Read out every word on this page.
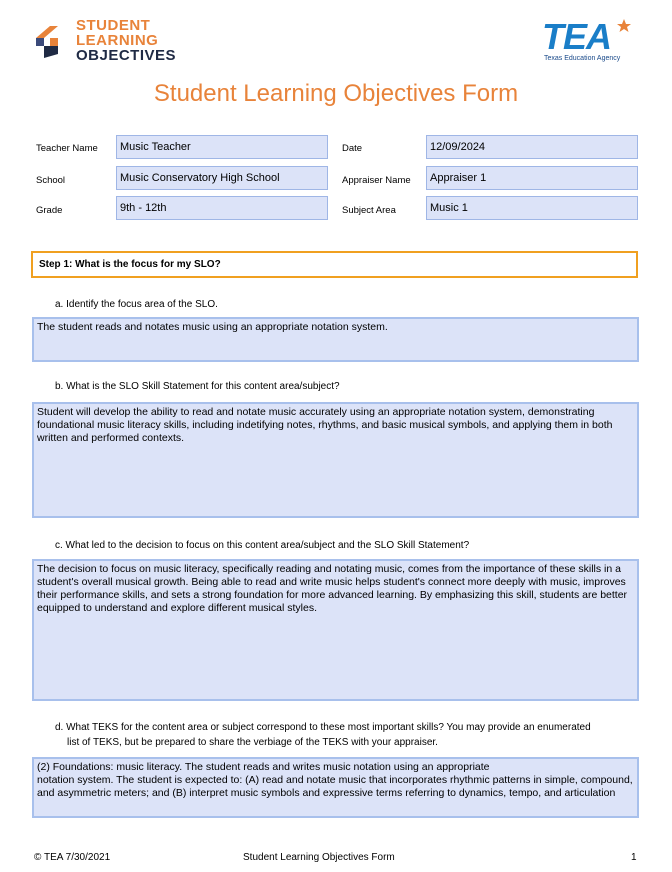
STUDENT
LEARNING
OBJECTIVES	TEA
Texas Education Agency
Student Learning Objectives Form
Teacher Name	Music Teacher	Date	12/09/2024
School	Music Conservatory High School	Appraiser Name	Appraiser 1
Grade	9th - 12th	Subject Area	Music 1
Step 1: What is the focus for my SLO?
a. Identify the focus area of the SLO.
The student reads and notates music using an appropriate notation system.
b. What is the SLO Skill Statement for this content area/subject?
Student will develop the ability to read and notate music accurately using an appropriate notation system, demonstrating foundational music literacy skills, including indetifying notes, rhythms, and basic musical symbols, and applying them in both written and performed contexts.
c. What led to the decision to focus on this content area/subject and the SLO Skill Statement?
The decision to focus on music literacy, specifically reading and notating music, comes from the importance of these skills in a student's overall musical growth. Being able to read and write music helps student's connect more deeply with music, improves their performance skills, and sets a strong foundation for more advanced learning. By emphasizing this skill, students are better equipped to understand and explore different musical styles.
d. What TEKS for the content area or subject correspond to these most important skills? You may provide an enumerated
list of TEKS, but be prepared to share the verbiage of the TEKS with your appraiser.
(2) Foundations: music literacy. The student reads and writes music notation using an appropriate
notation system. The student is expected to: (A) read and notate music that incorporates rhythmic patterns in simple, compound, and asymmetric meters; and (B) interpret music symbols and expressive terms referring to dynamics, tempo, and articulation
© TEA 7/30/2021	Student Learning Objectives Form	1
